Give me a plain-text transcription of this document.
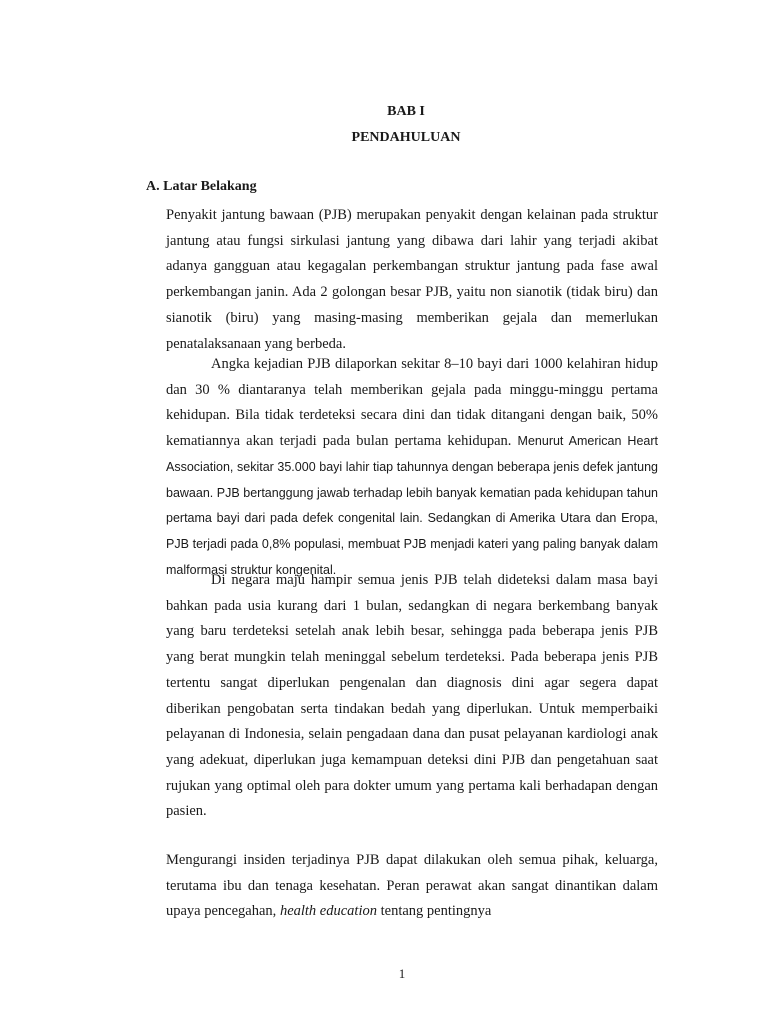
BAB I
PENDAHULUAN
A. Latar Belakang

Penyakit jantung bawaan (PJB) merupakan penyakit dengan kelainan pada struktur jantung atau fungsi sirkulasi jantung yang dibawa dari lahir yang terjadi akibat adanya gangguan atau kegagalan perkembangan struktur jantung pada fase awal perkembangan janin. Ada 2 golongan besar PJB, yaitu non sianotik (tidak biru) dan sianotik (biru) yang masing-masing memberikan gejala dan memerlukan penatalaksanaan yang berbeda.

Angka kejadian PJB dilaporkan sekitar 8–10 bayi dari 1000 kelahiran hidup dan 30 % diantaranya telah memberikan gejala pada minggu-minggu pertama kehidupan. Bila tidak terdeteksi secara dini dan tidak ditangani dengan baik, 50% kematiannya akan terjadi pada bulan pertama kehidupan. Menurut American Heart Association, sekitar 35.000 bayi lahir tiap tahunnya dengan beberapa jenis defek jantung bawaan. PJB bertanggung jawab terhadap lebih banyak kematian pada kehidupan tahun pertama bayi dari pada defek congenital lain. Sedangkan di Amerika Utara dan Eropa, PJB terjadi pada 0,8% populasi, membuat PJB menjadi kateri yang paling banyak dalam malformasi struktur kongenital.

Di negara maju hampir semua jenis PJB telah dideteksi dalam masa bayi bahkan pada usia kurang dari 1 bulan, sedangkan di negara berkembang banyak yang baru terdeteksi setelah anak lebih besar, sehingga pada beberapa jenis PJB yang berat mungkin telah meninggal sebelum terdeteksi. Pada beberapa jenis PJB tertentu sangat diperlukan pengenalan dan diagnosis dini agar segera dapat diberikan pengobatan serta tindakan bedah yang diperlukan. Untuk memperbaiki pelayanan di Indonesia, selain pengadaan dana dan pusat pelayanan kardiologi anak yang adekuat, diperlukan juga kemampuan deteksi dini PJB dan pengetahuan saat rujukan yang optimal oleh para dokter umum yang pertama kali berhadapan dengan pasien.

Mengurangi insiden terjadinya PJB dapat dilakukan oleh semua pihak, keluarga, terutama ibu dan tenaga kesehatan. Peran perawat akan sangat dinantikan dalam upaya pencegahan, health education tentang pentingnya

1
